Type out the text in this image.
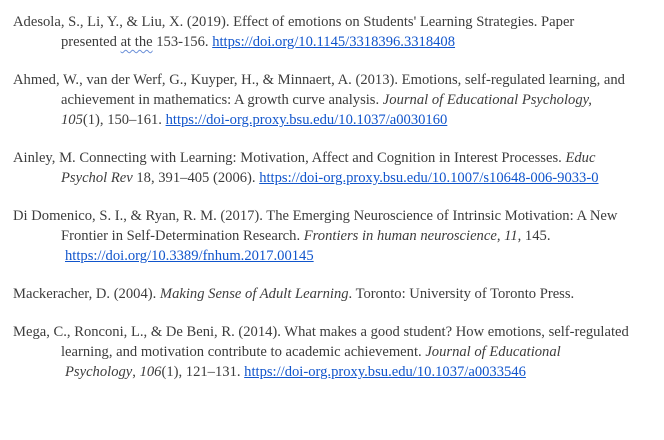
Adesola, S., Li, Y., & Liu, X. (2019). Effect of emotions on Students' Learning Strategies. Paper
presented at the 153-156. https://doi.org/10.1145/3318396.3318408
Ahmed, W., van der Werf, G., Kuyper, H., & Minnaert, A. (2013). Emotions, self-regulated learning, and
achievement in mathematics: A growth curve analysis. Journal of Educational Psychology,
105(1), 150–161. https://doi-org.proxy.bsu.edu/10.1037/a0030160
Ainley, M. Connecting with Learning: Motivation, Affect and Cognition in Interest Processes. Educ
Psychol Rev 18, 391–405 (2006). https://doi-org.proxy.bsu.edu/10.1007/s10648-006-9033-0
Di Domenico, S. I., & Ryan, R. M. (2017). The Emerging Neuroscience of Intrinsic Motivation: A New
Frontier in Self-Determination Research. Frontiers in human neuroscience, 11, 145.
https://doi.org/10.3389/fnhum.2017.00145
Mackeracher, D. (2004). Making Sense of Adult Learning. Toronto: University of Toronto Press.
Mega, C., Ronconi, L., & De Beni, R. (2014). What makes a good student? How emotions, self-regulated
learning, and motivation contribute to academic achievement. Journal of Educational
Psychology, 106(1), 121–131. https://doi-org.proxy.bsu.edu/10.1037/a0033546
